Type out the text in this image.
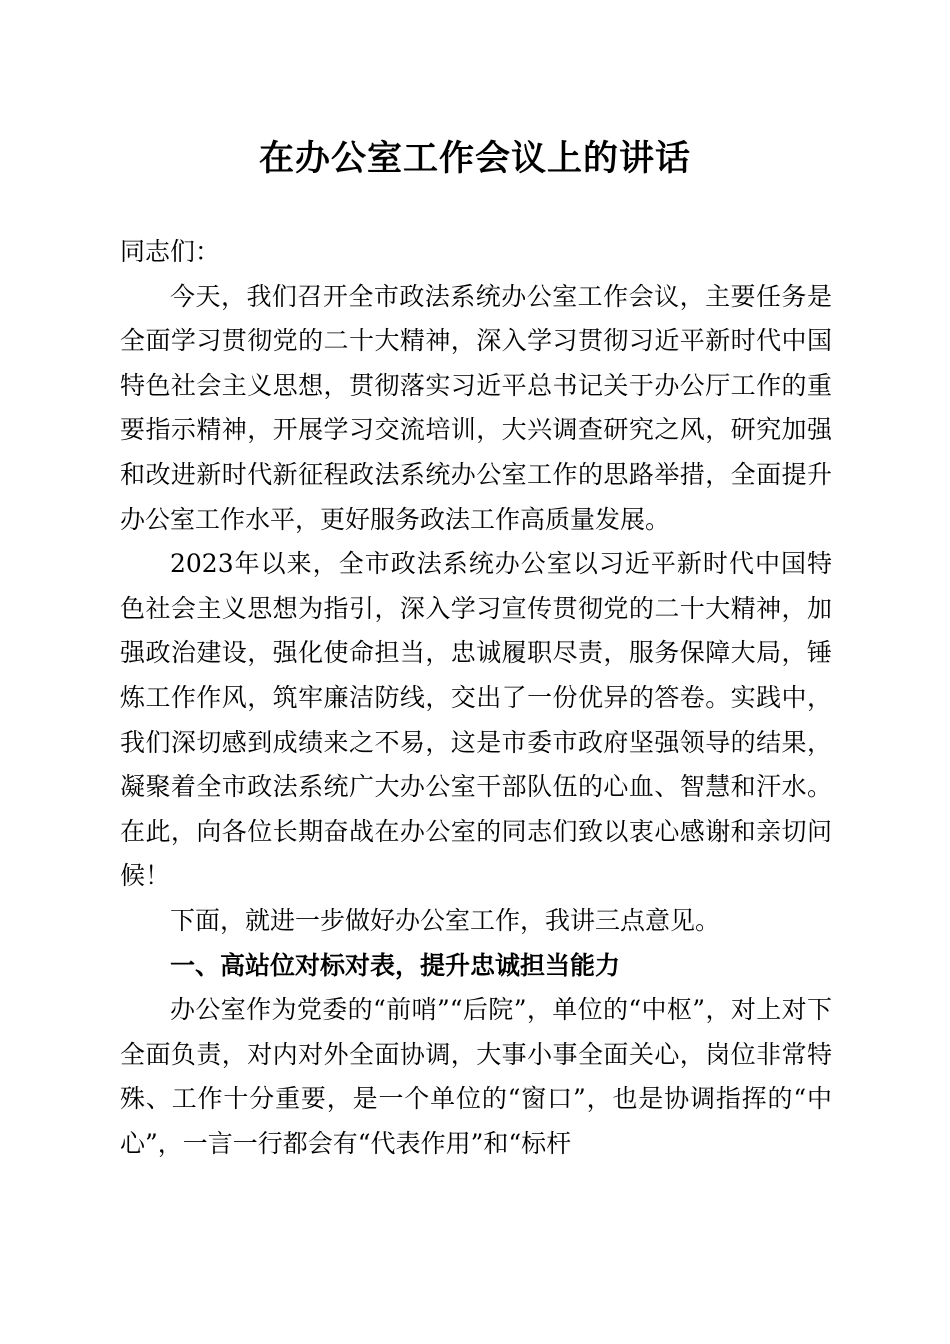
在办公室工作会议上的讲话

同志们：

今天，我们召开全市政法系统办公室工作会议，主要任务是全面学习贯彻党的二十大精神，深入学习贯彻习近平新时代中国特色社会主义思想，贯彻落实习近平总书记关于办公厅工作的重要指示精神，开展学习交流培训，大兴调查研究之风，研究加强和改进新时代新征程政法系统办公室工作的思路举措，全面提升办公室工作水平，更好服务政法工作高质量发展。

2023年以来，全市政法系统办公室以习近平新时代中国特色社会主义思想为指引，深入学习宣传贯彻党的二十大精神，加强政治建设，强化使命担当，忠诚履职尽责，服务保障大局，锤炼工作作风，筑牢廉洁防线，交出了一份优异的答卷。实践中，我们深切感到成绩来之不易，这是市委市政府坚强领导的结果，凝聚着全市政法系统广大办公室干部队伍的心血、智慧和汗水。在此，向各位长期奋战在办公室的同志们致以衷心感谢和亲切问候！

下面，就进一步做好办公室工作，我讲三点意见。

一、高站位对标对表，提升忠诚担当能力

办公室作为党委的“前哨”“后院”，单位的“中枢”，对上对下全面负责，对内对外全面协调，大事小事全面关心，岗位非常特殊、工作十分重要，是一个单位的“窗口”，也是协调指挥的“中心”，一言一行都会有“代表作用”和“标杆
